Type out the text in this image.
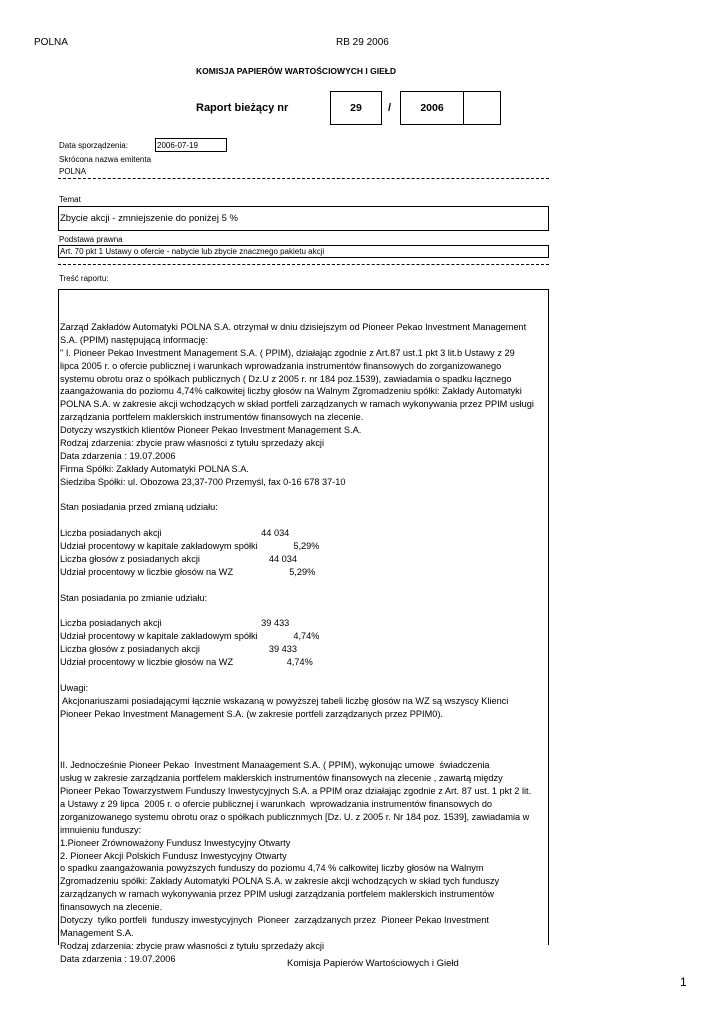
POLNA	RB 29 2006
KOMISJA PAPIERÓW WARTOŚCIOWYCH I GIEŁD
Raport bieżący nr	29 /	2006
Data sporządzenia:	2006-07-19
Skrócona nazwa emitenta
POLNA
Temat
Zbycie akcji - zmniejszenie do poniżej 5 %
Podstawa prawna
Art. 70 pkt 1 Ustawy o ofercie - nabycie lub zbycie znacznego pakietu akcji
Treść raportu:
Zarząd Zakładów Automatyki POLNA S.A. otrzymał w dniu dzisiejszym od Pioneer Pekao Investment Management
S.A. (PPIM) następującą informację:
" I. Pioneer Pekao Investment Management S.A. ( PPIM), działając zgodnie z Art.87 ust.1 pkt 3 lit.b Ustawy z 29
lipca 2005 r. o ofercie publicznej i warunkach wprowadzania instrumentów finansowych do zorganizowanego
systemu obrotu oraz o spółkach publicznych ( Dz.U z 2005 r. nr 184 poz.1539), zawiadamia o spadku łącznego
zaangażowania do poziomu 4,74% całkowitej liczby głosów na Walnym Zgromadzeniu spółki: Zakłady Automatyki
POLNA S.A. w zakresie akcji wchodzących w skład portfeli zarządzanych w ramach wykonywania przez PPIM usługi
zarządzania portfelem maklerskich instrumentów finansowych na zlecenie.
Dotyczy wszystkich klientów Pioneer Pekao Investment Management S.A.
Rodzaj zdarzenia: zbycie praw własności z tytułu sprzedaży akcji
Data zdarzenia : 19.07.2006
Firma Spółki: Zakłady Automatyki POLNA S.A.
Siedziba Spółki: ul. Obozowa 23,37-700 Przemyśl, fax 0-16 678 37-10
Stan posiadania przed zmianą udziału:
Liczba posiadanych akcji                                       44 034
Udział procentowy w kapitale zakładowym spółki              5,29%
Liczba głosów z posiadanych akcji                           44 034
Udział procentowy w liczbie głosów na WZ                      5,29%
Stan posiadania po zmianie udziału:
Liczba posiadanych akcji                                       39 433
Udział procentowy w kapitale zakładowym spółki              4,74%
Liczba głosów z posiadanych akcji                           39 433
Udział procentowy w liczbie głosów na WZ                     4,74%
Uwagi:
Akcjonariuszami posiadającymi łącznie wskazaną w powyższej tabeli liczbę głosów na WZ są wszyscy Klienci
Pioneer Pekao Investment Management S.A. (w zakresie portfeli zarządzanych przez PPIM0).
II. Jednocześnie Pioneer Pekao  Investment Manaagement S.A. ( PPIM), wykonując umowe  świadczenia
usług w zakresie zarządzania portfelem maklerskich instrumentów finansowych na zlecenie , zawartą między
Pioneer Pekao Towarzystwem Funduszy Inwestycyjnych S.A. a PPIM oraz działając zgodnie z Art. 87 ust. 1 pkt 2 lit.
a Ustawy z 29 lipca  2005 r. o ofercie publicznej i warunkach  wprowadzania instrumentów finansowych do
zorganizowanego systemu obrotu oraz o spółkach publicznmych [Dz. U. z 2005 r. Nr 184 poz. 1539], zawiadamia w
imnuieniu funduszy:
1.Pioneer Zrównoważony Fundusz Inwestycyjny Otwarty
2. Pioneer Akcji Polskich Fundusz Inwestycyjny Otwarty
o spadku zaangażowania powyższych funduszy do poziomu 4,74 % całkowitej liczby głosów na Walnym
Zgromadzeniu spółki: Zakłady Automatyki POLNA S.A. w zakresie akcji wchodzących w skład tych funduszy
zarządzanych w ramach wykonywania przez PPIM usługi zarządzania portfelem maklerskich instrumentów
finansowych na zlecenie.
Dotyczy  tylko portfeli  funduszy inwestycyjnych  Pioneer  zarządzanych przez  Pioneer Pekao Investment
Management S.A.
Rodzaj zdarzenia: zbycie praw własności z tytułu sprzedaży akcji
Data zdarzenia : 19.07.2006	Komisja Papierów Wartościowych i Giełd
1
